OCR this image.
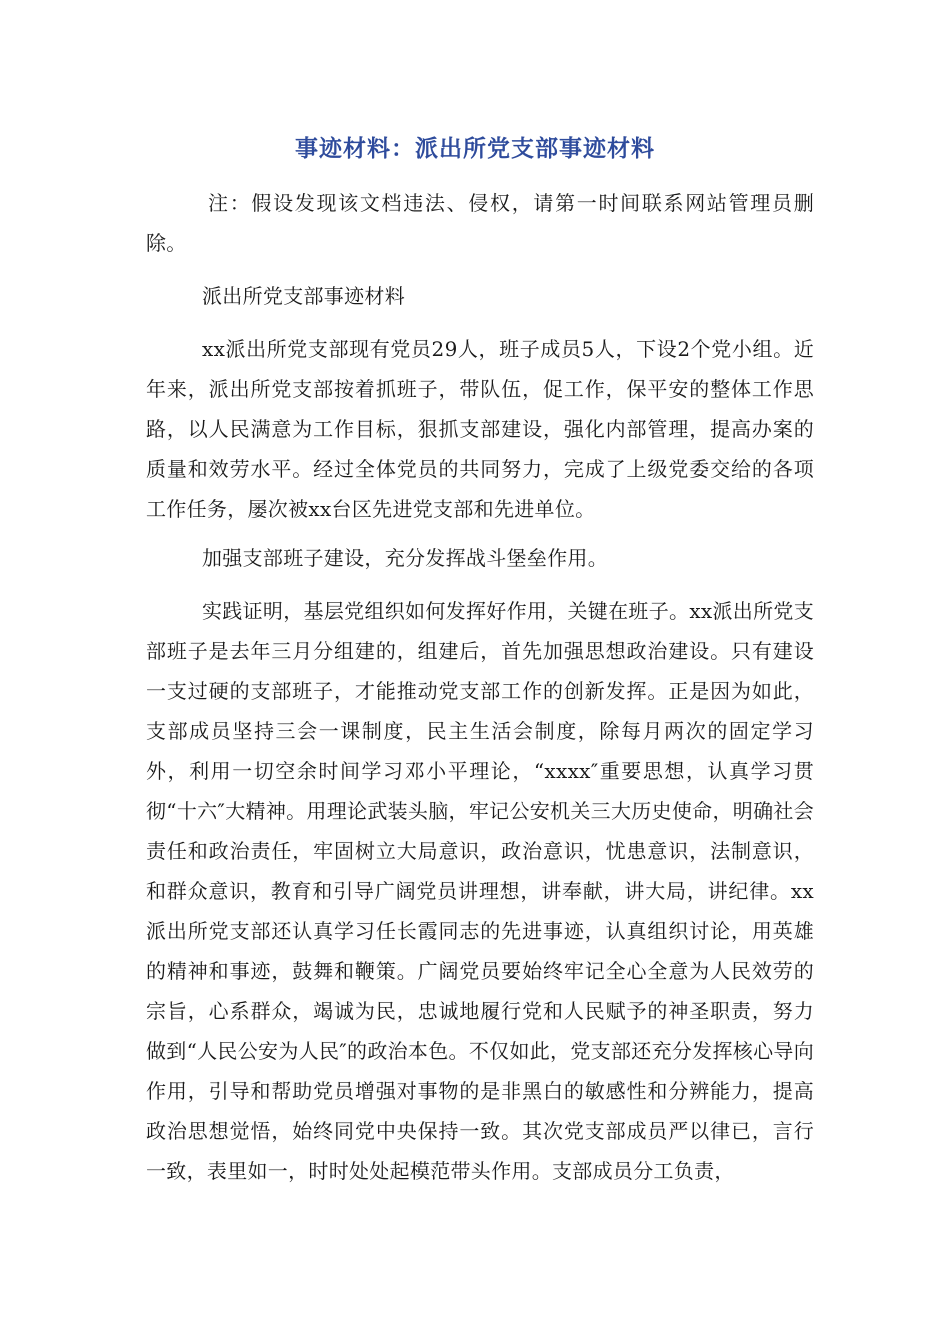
事迹材料：派出所党支部事迹材料

注：假设发现该文档违法、侵权，请第一时间联系网站管理员删除。

派出所党支部事迹材料

xx派出所党支部现有党员29人，班子成员5人，下设2个党小组。近年来，派出所党支部按着抓班子，带队伍，促工作，保平安的整体工作思路，以人民满意为工作目标，狠抓支部建设，强化内部管理，提高办案的质量和效劳水平。经过全体党员的共同努力，完成了上级党委交给的各项工作任务，屡次被xx台区先进党支部和先进单位。

加强支部班子建设，充分发挥战斗堡垒作用。

实践证明，基层党组织如何发挥好作用，关键在班子。xx派出所党支部班子是去年三月分组建的，组建后，首先加强思想政治建设。只有建设一支过硬的支部班子，才能推动党支部工作的创新发挥。正是因为如此，支部成员坚持三会一课制度，民主生活会制度，除每月两次的固定学习外，利用一切空余时间学习邓小平理论，“xxxx″重要思想，认真学习贯彻“十六″大精神。用理论武装头脑，牢记公安机关三大历史使命，明确社会责任和政治责任，牢固树立大局意识，政治意识，忧患意识，法制意识，和群众意识，教育和引导广阔党员讲理想，讲奉献，讲大局，讲纪律。xx派出所党支部还认真学习任长霞同志的先进事迹，认真组织讨论，用英雄的精神和事迹，鼓舞和鞭策。广阔党员要始终牢记全心全意为人民效劳的宗旨，心系群众，竭诚为民，忠诚地履行党和人民赋予的神圣职责，努力做到“人民公安为人民″的政治本色。不仅如此，党支部还充分发挥核心导向作用，引导和帮助党员增强对事物的是非黑白的敏感性和分辨能力，提高政治思想觉悟，始终同党中央保持一致。其次党支部成员严以律已，言行一致，表里如一，时时处处起模范带头作用。支部成员分工负责，
